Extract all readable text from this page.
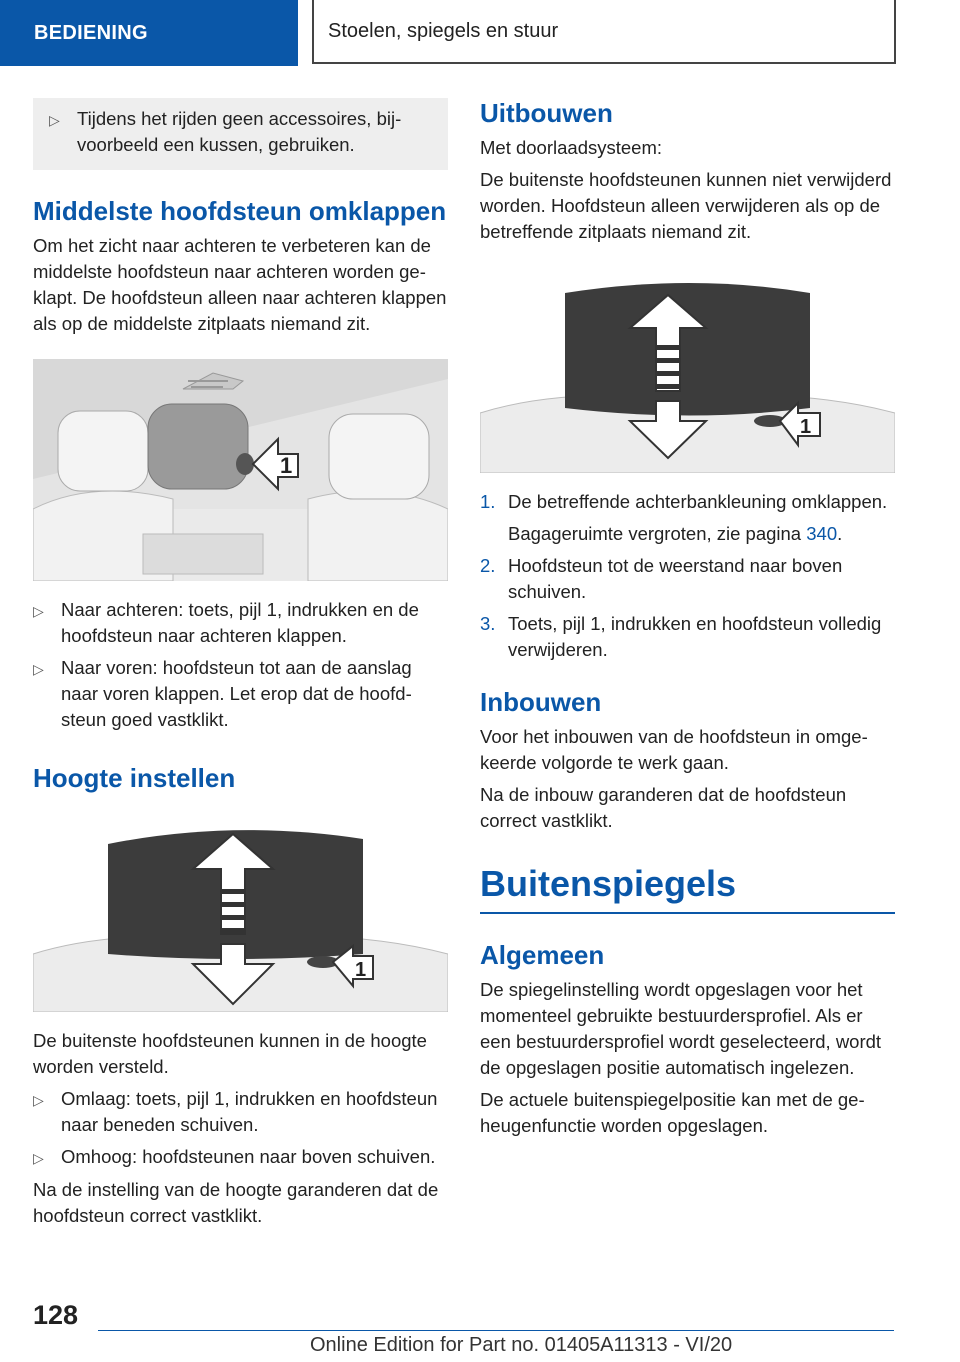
BEDIENING	Stoelen, spiegels en stuur
▷ Tijdens het rijden geen accessoires, bijvoorbeeld een kussen, gebruiken.
Middelste hoofdsteun omklappen

Om het zicht naar achteren te verbeteren kan de middelste hoofdsteun naar achteren worden geklapt. De hoofdsteun alleen naar achteren klappen als op de middelste zitplaats niemand zit.

1
▷ Naar achteren: toets, pijl 1, indrukken en de hoofdsteun naar achteren klappen.
▷ Naar voren: hoofdsteun tot aan de aanslag naar voren klappen. Let erop dat de hoofdsteun goed vastklikt.
Hoogte instellen
1

De buitenste hoofdsteunen kunnen in de hoogte worden versteld.

▷ Omlaag: toets, pijl 1, indrukken en hoofdsteun naar beneden schuiven.
▷ Omhoog: hoofdsteunen naar boven schuiven.

Na de instelling van de hoogte garanderen dat de hoofdsteun correct vastklikt.

Uitbouwen

Met doorlaadsysteem:

De buitenste hoofdsteunen kunnen niet verwijderd worden. Hoofdsteun alleen verwijderen als op de betreffende zitplaats niemand zit.

1
1. De betreffende achterbankleuning omklappen.
Bagageruimte vergroten, zie pagina 340.
2. Hoofdsteun tot de weerstand naar boven schuiven.
3. Toets, pijl 1, indrukken en hoofdsteun volledig verwijderen.
Inbouwen

Voor het inbouwen van de hoofdsteun in omgekeerde volgorde te werk gaan.

Na de inbouw garanderen dat de hoofdsteun correct vastklikt.

Buitenspiegels
Algemeen

De spiegelinstelling wordt opgeslagen voor het momenteel gebruikte bestuurdersprofiel. Als er een bestuurdersprofiel wordt geselecteerd, wordt de opgeslagen positie automatisch ingelezen.

De actuele buitenspiegelpositie kan met de geheugenfunctie worden opgeslagen.

128
Online Edition for Part no. 01405A11313 - VI/20
